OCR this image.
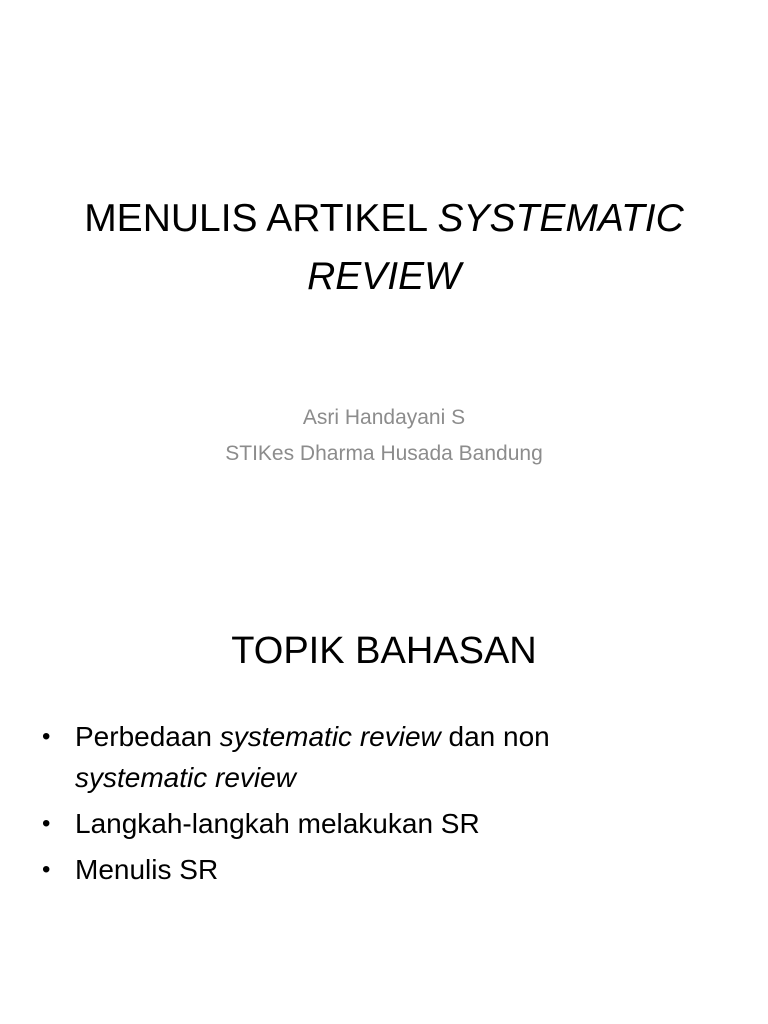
MENULIS ARTIKEL SYSTEMATIC
REVIEW
Asri Handayani S
STIKes Dharma Husada Bandung
TOPIK BAHASAN
• Perbedaan systematic review dan non
systematic review
• Langkah-langkah melakukan SR
• Menulis SR
